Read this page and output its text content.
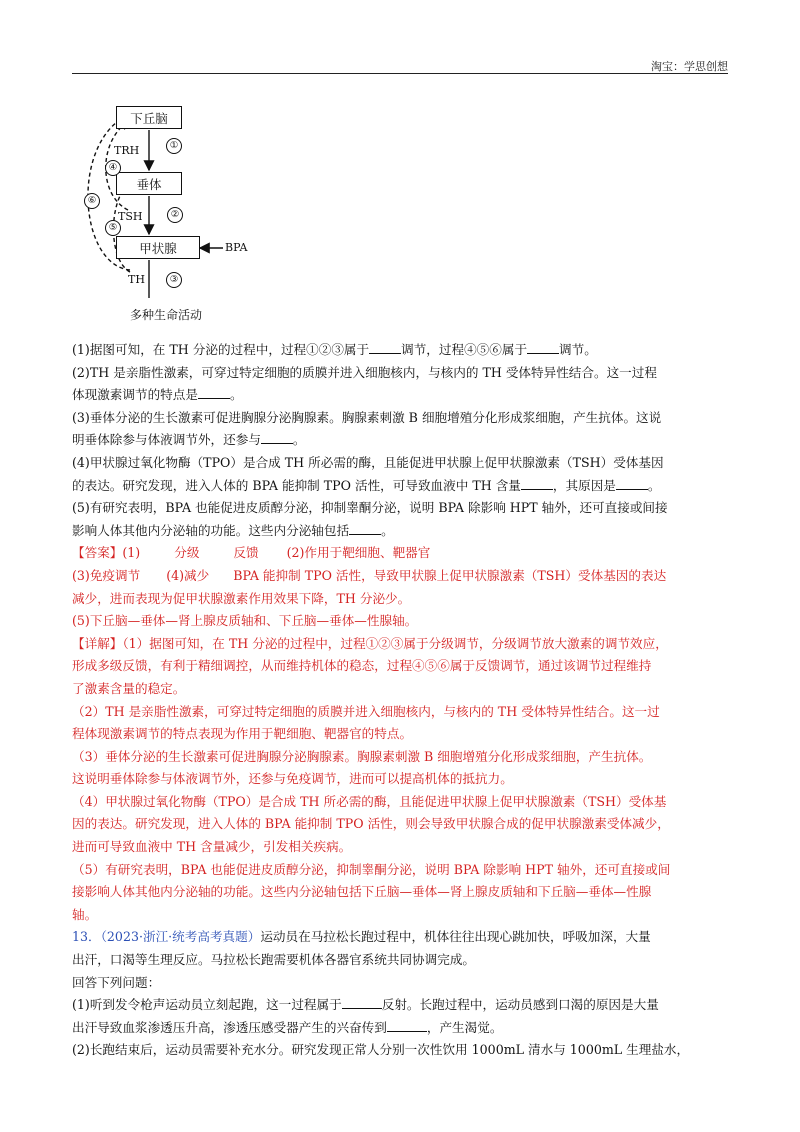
淘宝：学思创想
下丘脑
垂体
甲状腺
TRH	①
TSH	②
BPA
TH	③
④
⑥
⑤
多种生命活动

(1)据图可知，在 TH 分泌的过程中，过程①②③属于	调节，过程④⑤⑥属于	调节。

(2)TH 是亲脂性激素，可穿过特定细胞的质膜并进入细胞核内，与核内的 TH 受体特异性结合。这一过程
体现激素调节的特点是	。

(3)垂体分泌的生长激素可促进胸腺分泌胸腺素。胸腺素刺激 B 细胞增殖分化形成浆细胞，产生抗体。这说
明垂体除参与体液调节外，还参与	。

(4)甲状腺过氧化物酶（TPO）是合成 TH 所必需的酶，且能促进甲状腺上促甲状腺激素（TSH）受体基因
的表达。研究发现，进入人体的 BPA 能抑制 TPO 活性，可导致血液中 TH 含量	，其原因是	。

(5)有研究表明，BPA 也能促进皮质醇分泌，抑制睾酮分泌，说明 BPA 除影响 HPT 轴外，还可直接或间接
影响人体其他内分泌轴的功能。这些内分泌轴包括	。

【答案】(1)	分级	反馈 (2)作用于靶细胞、靶器官

(3)免疫调节 (4)减少 BPA 能抑制 TPO 活性，导致甲状腺上促甲状腺激素（TSH）受体基因的表达

减少，进而表现为促甲状腺激素作用效果下降，TH 分泌少。

(5)下丘脑—垂体—肾上腺皮质轴和、下丘脑—垂体—性腺轴。

【详解】（1）据图可知，在 TH 分泌的过程中，过程①②③属于分级调节，分级调节放大激素的调节效应，

形成多级反馈，有利于精细调控，从而维持机体的稳态，过程④⑤⑥属于反馈调节，通过该调节过程维持

了激素含量的稳定。

（2）TH 是亲脂性激素，可穿过特定细胞的质膜并进入细胞核内，与核内的 TH 受体特异性结合。这一过

程体现激素调节的特点表现为作用于靶细胞、靶器官的特点。

（3）垂体分泌的生长激素可促进胸腺分泌胸腺素。胸腺素刺激 B 细胞增殖分化形成浆细胞，产生抗体。

这说明垂体除参与体液调节外，还参与免疫调节，进而可以提高机体的抵抗力。

（4）甲状腺过氧化物酶（TPO）是合成 TH 所必需的酶，且能促进甲状腺上促甲状腺激素（TSH）受体基

因的表达。研究发现，进入人体的 BPA 能抑制 TPO 活性，则会导致甲状腺合成的促甲状腺激素受体减少，

进而可导致血液中 TH 含量减少，引发相关疾病。

（5）有研究表明，BPA 也能促进皮质醇分泌，抑制睾酮分泌，说明 BPA 除影响 HPT 轴外，还可直接或间

接影响人体其他内分泌轴的功能。这些内分泌轴包括下丘脑—垂体—肾上腺皮质轴和下丘脑—垂体—性腺

轴。

13．（2023·浙江·统考高考真题）运动员在马拉松长跑过程中，机体往往出现心跳加快，呼吸加深，大量

出汗，口渴等生理反应。马拉松长跑需要机体各器官系统共同协调完成。

回答下列问题：

(1)听到发令枪声运动员立刻起跑，这一过程属于	反射。长跑过程中，运动员感到口渴的原因是大量

出汗导致血浆渗透压升高，渗透压感受器产生的兴奋传到	，产生渴觉。

(2)长跑结束后，运动员需要补充水分。研究发现正常人分别一次性饮用 1000mL 清水与 1000mL 生理盐水，
